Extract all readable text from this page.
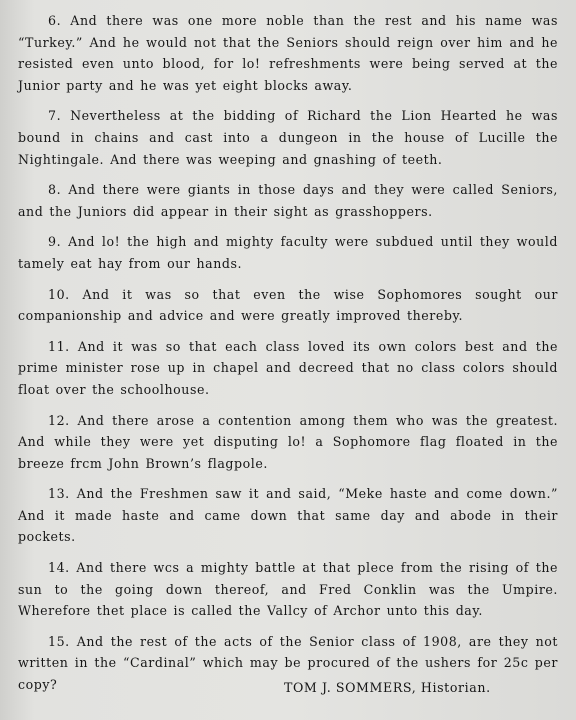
6. And there was one more noble than the rest and his name was “Turkey.” And he would not that the Seniors should reign over him and he resisted even unto blood, for lo! refreshments were being served at the Junior party and he was yet eight blocks away.

7. Nevertheless at the bidding of Richard the Lion Hearted he was bound in chains and cast into a dungeon in the house of Lucille the Nightingale. And there was weeping and gnashing of teeth.

8. And there were giants in those days and they were called Seniors, and the Juniors did appear in their sight as grasshoppers.

9. And lo! the high and mighty faculty were subdued until they would tamely eat hay from our hands.

10. And it was so that even the wise Sophomores sought our companionship and advice and were greatly improved thereby.

11. And it was so that each class loved its own colors best and the prime minister rose up in chapel and decreed that no class colors should float over the schoolhouse.

12. And there arose a contention among them who was the greatest. And while they were yet disputing lo! a Sophomore flag floated in the breeze frcm John Brown’s flagpole.

13. And the Freshmen saw it and said, “Meke haste and come down.” And it made haste and came down that same day and abode in their pockets.

14. And there wcs a mighty battle at that plece from the rising of the sun to the going down thereof, and Fred Conklin was the Umpire. Wherefore thet place is called the Vallcy of Archor unto this day.

15. And the rest of the acts of the Senior class of 1908, are they not written in the “Cardinal” which may be procured of the ushers for 25c per copy?	TOM J. SOMMERS, Historian.
